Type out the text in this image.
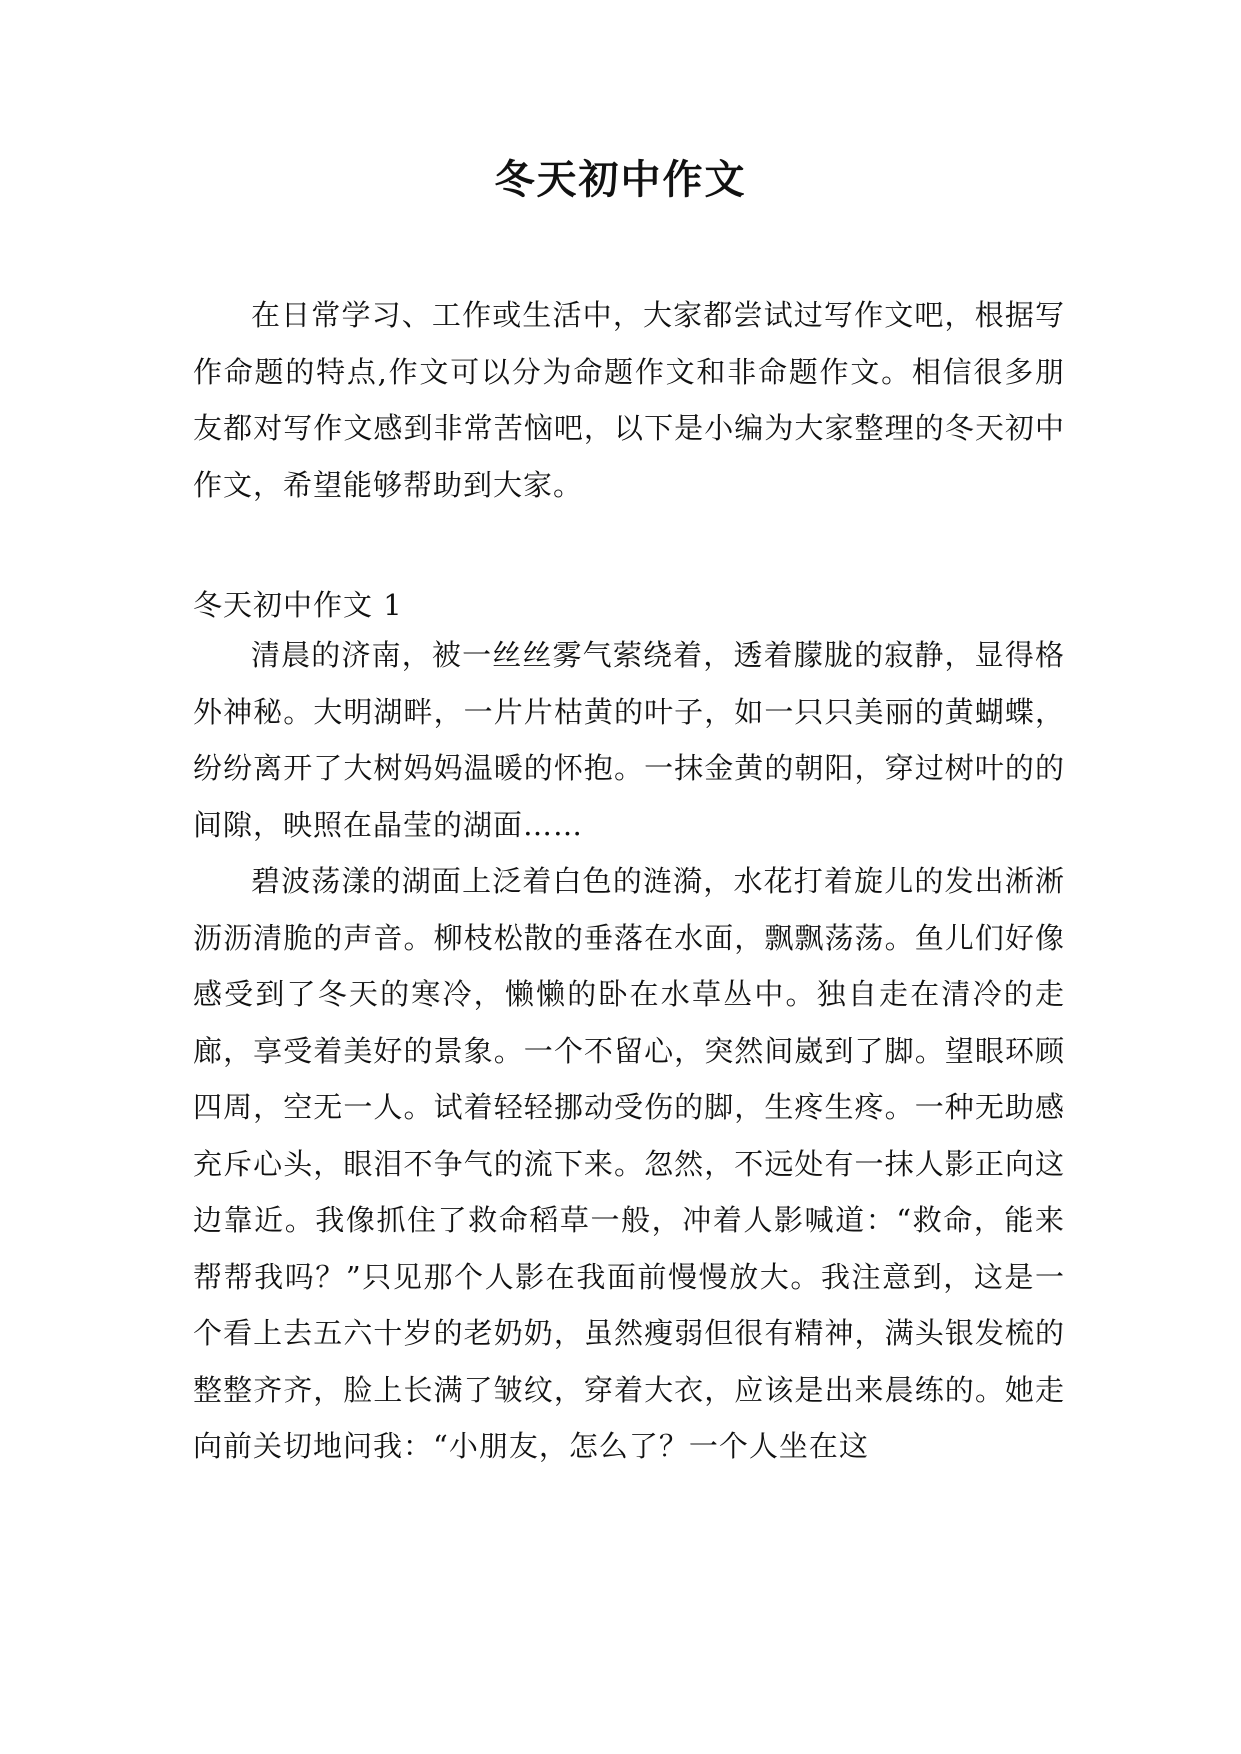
冬天初中作文

在日常学习、工作或生活中，大家都尝试过写作文吧，根据写作命题的特点,作文可以分为命题作文和非命题作文。相信很多朋友都对写作文感到非常苦恼吧，以下是小编为大家整理的冬天初中作文，希望能够帮助到大家。

冬天初中作文 1

清晨的济南，被一丝丝雾气萦绕着，透着朦胧的寂静，显得格外神秘。大明湖畔，一片片枯黄的叶子，如一只只美丽的黄蝴蝶，纷纷离开了大树妈妈温暖的怀抱。一抹金黄的朝阳，穿过树叶的的间隙，映照在晶莹的湖面……

碧波荡漾的湖面上泛着白色的涟漪，水花打着旋儿的发出淅淅沥沥清脆的声音。柳枝松散的垂落在水面，飘飘荡荡。鱼儿们好像感受到了冬天的寒冷，懒懒的卧在水草丛中。独自走在清冷的走廊，享受着美好的景象。一个不留心，突然间崴到了脚。望眼环顾四周，空无一人。试着轻轻挪动受伤的脚，生疼生疼。一种无助感充斥心头，眼泪不争气的流下来。忽然，不远处有一抹人影正向这边靠近。我像抓住了救命稻草一般，冲着人影喊道：“救命，能来帮帮我吗？”只见那个人影在我面前慢慢放大。我注意到，这是一个看上去五六十岁的老奶奶，虽然瘦弱但很有精神，满头银发梳的整整齐齐，脸上长满了皱纹，穿着大衣，应该是出来晨练的。她走向前关切地问我：“小朋友，怎么了？一个人坐在这
